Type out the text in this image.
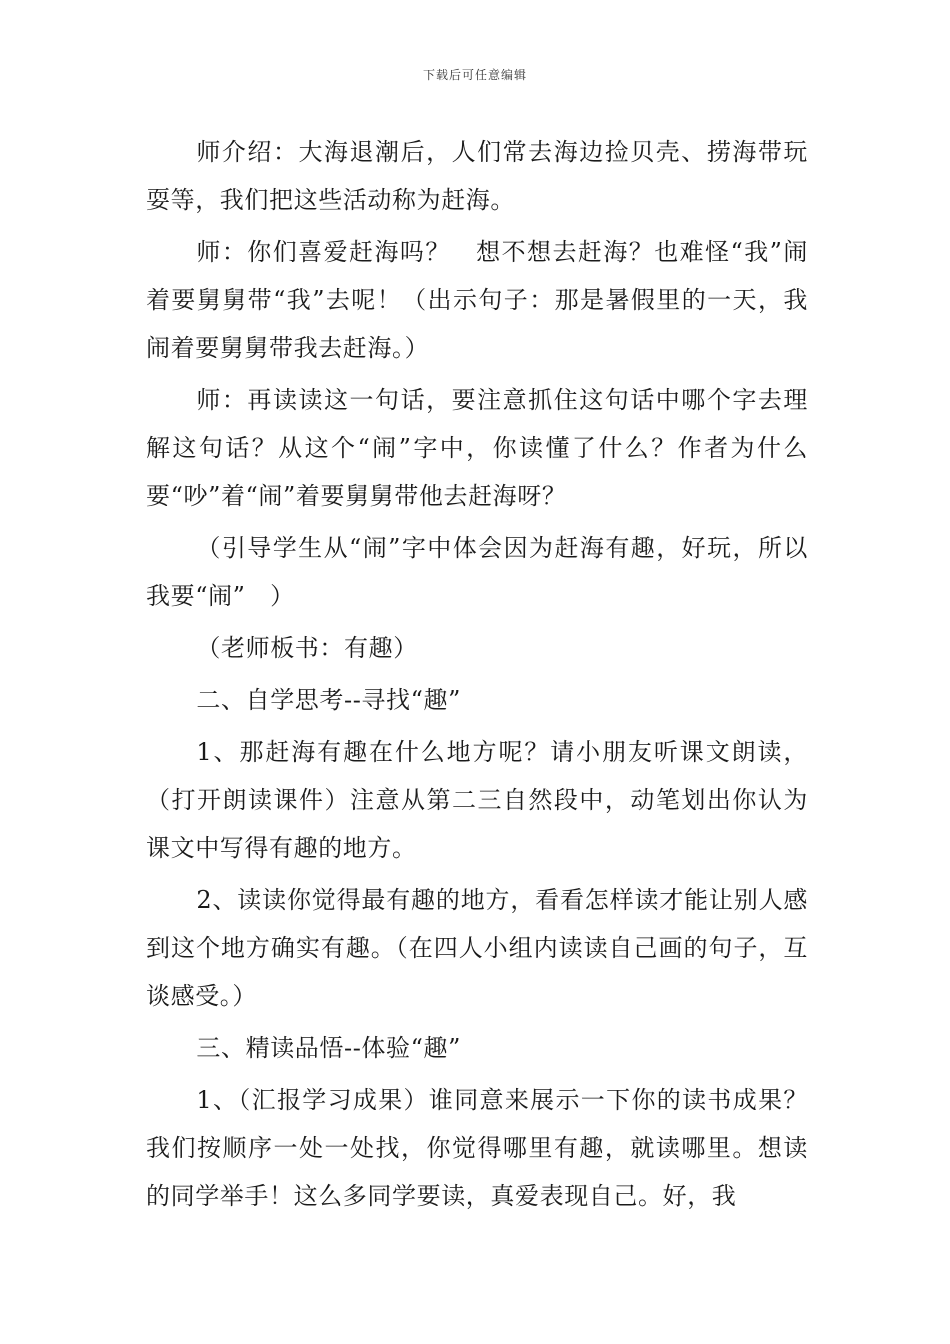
下载后可任意编辑

师介绍：大海退潮后，人们常去海边捡贝壳、捞海带玩耍等，我们把这些活动称为赶海。

师：你们喜爱赶海吗？　想不想去赶海？也难怪“我”闹着要舅舅带“我”去呢！（出示句子：那是暑假里的一天，我闹着要舅舅带我去赶海。）

师：再读读这一句话，要注意抓住这句话中哪个字去理解这句话？从这个“闹”字中，你读懂了什么？作者为什么要“吵”着“闹”着要舅舅带他去赶海呀？

（引导学生从“闹”字中体会因为赶海有趣，好玩，所以我要“闹”　）

（老师板书：有趣）

二、自学思考--寻找“趣”

1、那赶海有趣在什么地方呢？请小朋友听课文朗读，（打开朗读课件）注意从第二三自然段中，动笔划出你认为课文中写得有趣的地方。

2、读读你觉得最有趣的地方，看看怎样读才能让别人感到这个地方确实有趣。（在四人小组内读读自己画的句子，互谈感受。）

三、精读品悟--体验“趣”

1、（汇报学习成果）谁同意来展示一下你的读书成果？我们按顺序一处一处找，你觉得哪里有趣，就读哪里。想读的同学举手！这么多同学要读，真爱表现自己。好，我
